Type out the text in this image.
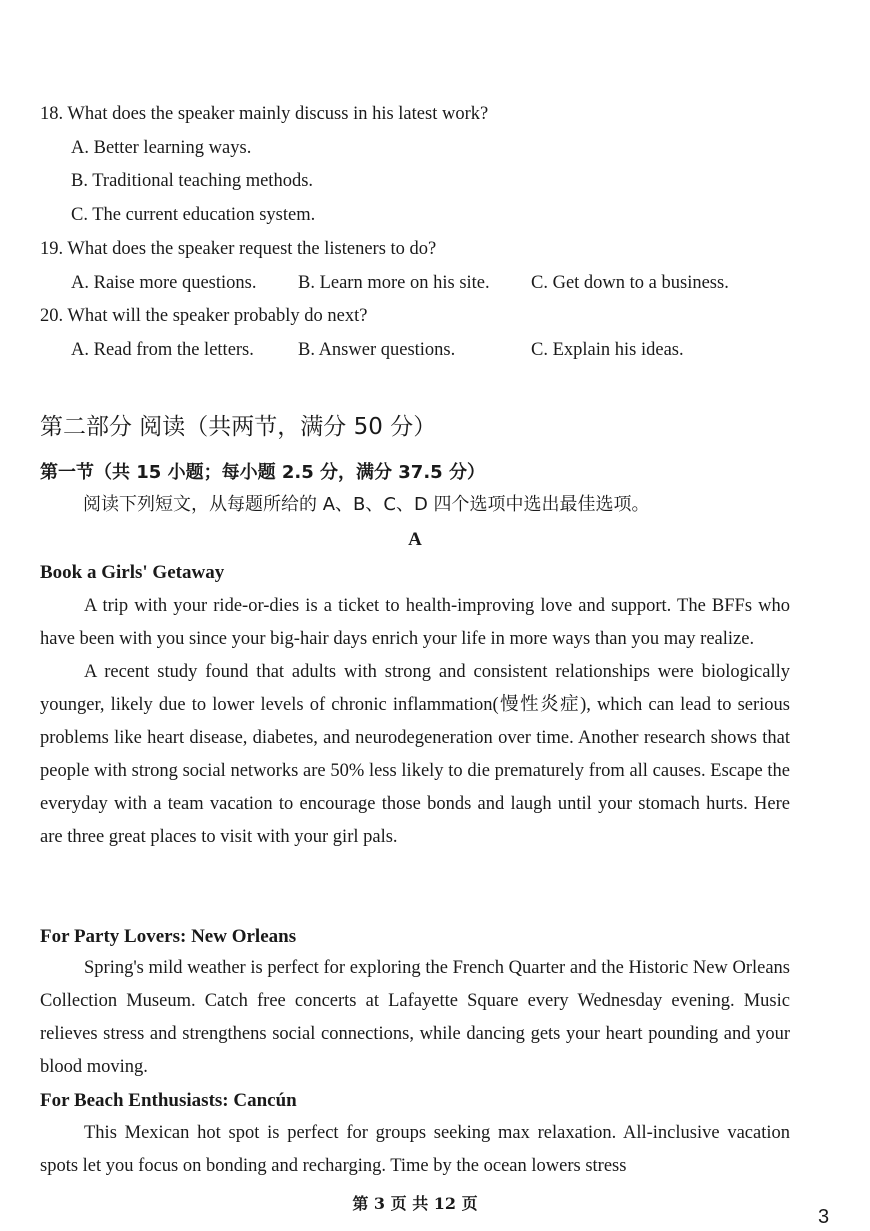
18. What does the speaker mainly discuss in his latest work?
A. Better learning ways.
B. Traditional teaching methods.
C. The current education system.
19. What does the speaker request the listeners to do?
A. Raise more questions. B. Learn more on his site. C. Get down to a business.
20. What will the speaker probably do next?
A. Read from the letters. B. Answer questions.	C. Explain his ideas.
第二部分 阅读（共两节，满分 50 分）
第一节（共 15 小题；每小题 2.5 分，满分 37.5 分）
阅读下列短文，从每题所给的 A、B、C、D 四个选项中选出最佳选项。
A
Book a Girls' Getaway

A trip with your ride-or-dies is a ticket to health-improving love and support. The BFFs who have been with you since your big-hair days enrich your life in more ways than you may realize.

A recent study found that adults with strong and consistent relationships were biologically younger, likely due to lower levels of chronic inflammation(慢性炎症), which can lead to serious problems like heart disease, diabetes, and neurodegeneration over time. Another research shows that people with strong social networks are 50% less likely to die prematurely from all causes. Escape the everyday with a team vacation to encourage those bonds and laugh until your stomach hurts. Here are three great places to visit with your girl pals.

For Party Lovers: New Orleans

Spring's mild weather is perfect for exploring the French Quarter and the Historic New Orleans Collection Museum. Catch free concerts at Lafayette Square every Wednesday evening. Music relieves stress and strengthens social connections, while dancing gets your heart pounding and your blood moving.

For Beach Enthusiasts: Cancún

This Mexican hot spot is perfect for groups seeking max relaxation. All-inclusive vacation spots let you focus on bonding and recharging. Time by the ocean lowers stress

第 3 页 共 12 页
3
